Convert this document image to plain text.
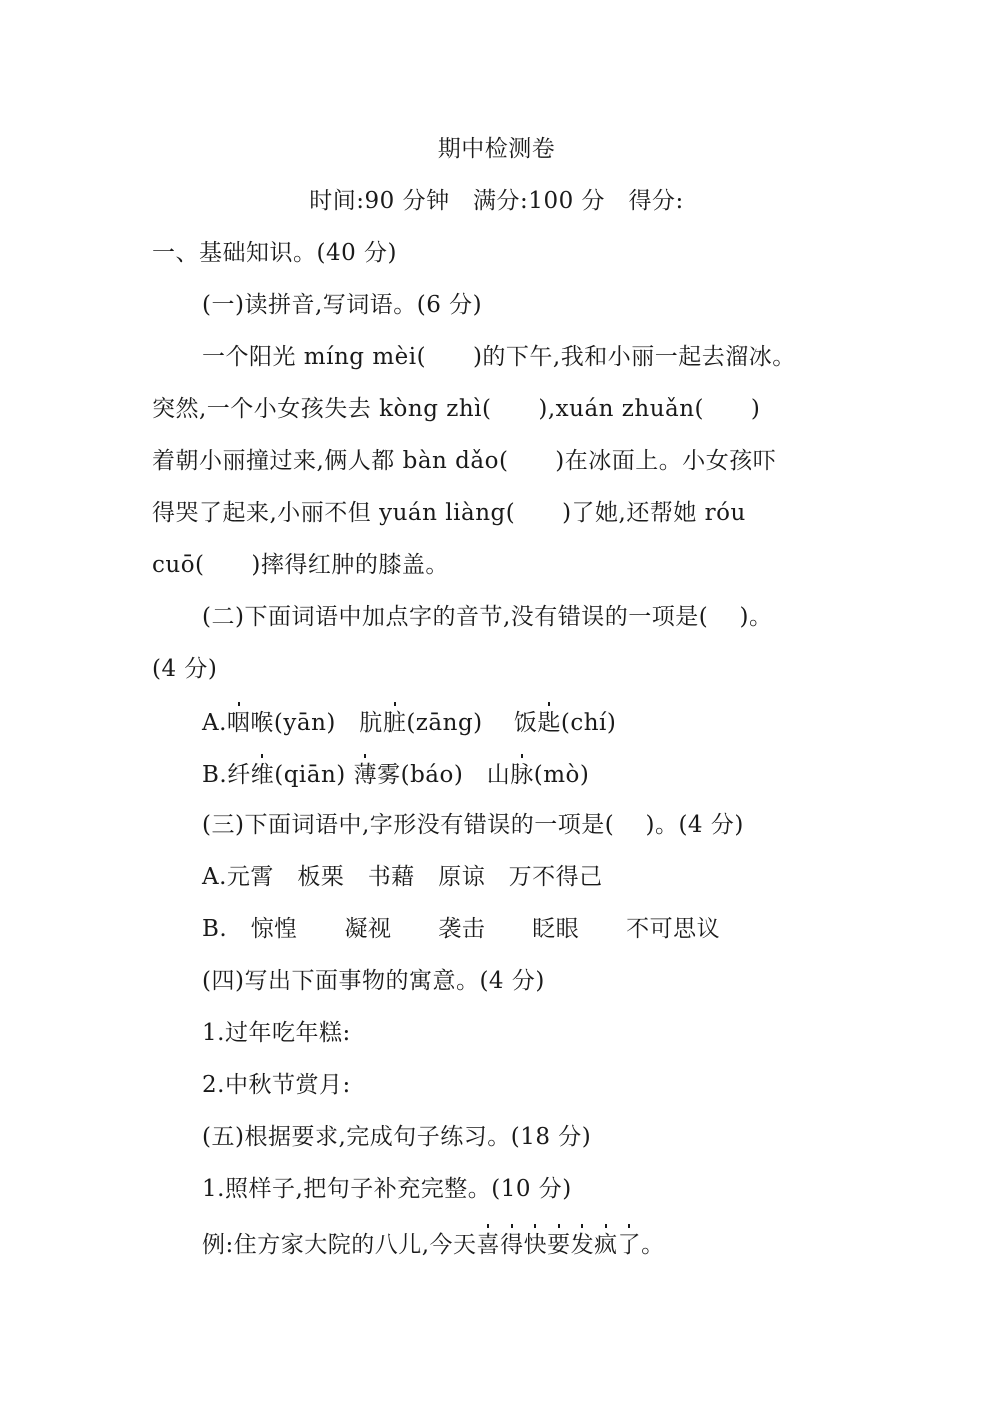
期中检测卷
时间:90 分钟   满分:100 分   得分:
一、基础知识。(40 分)
(一)读拼音,写词语。(6 分)
一个阳光 míng mèi(      )的下午,我和小丽一起去溜冰。
突然,一个小女孩失去 kòng zhì(      ),xuán zhuǎn(      )
着朝小丽撞过来,俩人都 bàn dǎo(      )在冰面上。小女孩吓
得哭了起来,小丽不但 yuán liàng(      )了她,还帮她 róu
cuō(      )摔得红肿的膝盖。
(二)下面词语中加点字的音节,没有错误的一项是(    )。
(4 分)
A.咽喉(yān)   肮脏(zāng)    饭匙(chí)
B.纤维(qiān) 薄雾(báo)   山脉(mò)
(三)下面词语中,字形没有错误的一项是(    )。(4 分)
A.元霄   板栗   书藉   原谅   万不得己
B.   惊惶      凝视      袭击      眨眼      不可思议
(四)写出下面事物的寓意。(4 分)
1.过年吃年糕:
2.中秋节赏月:
(五)根据要求,完成句子练习。(18 分)
1.照样子,把句子补充完整。(10 分)
例:住方家大院的八儿,今天喜得快要发疯了。
